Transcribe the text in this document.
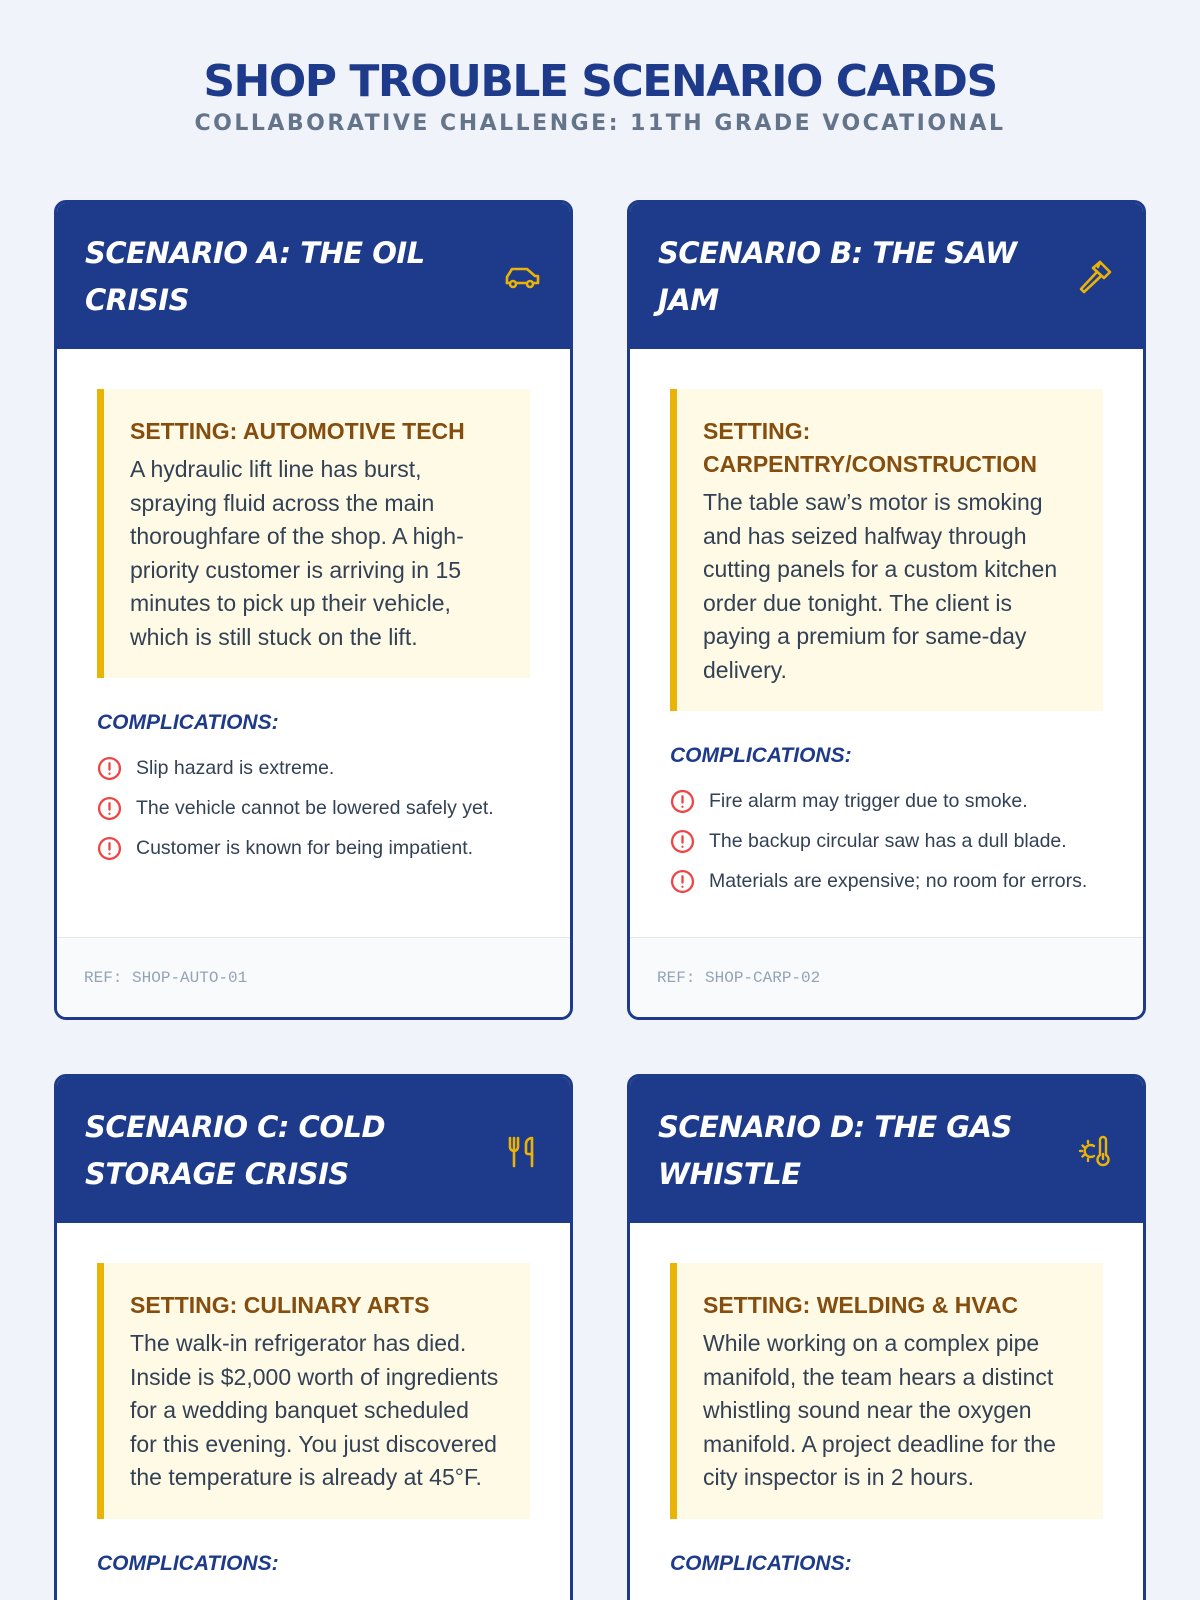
SHOP TROUBLE SCENARIO CARDS
COLLABORATIVE CHALLENGE: 11TH GRADE VOCATIONAL
SCENARIO A: THE OIL CRISIS
SETTING: AUTOMOTIVE TECH

A hydraulic lift line has burst, spraying fluid across the main thoroughfare of the shop. A high-priority customer is arriving in 15 minutes to pick up their vehicle, which is still stuck on the lift.

COMPLICATIONS:
Slip hazard is extreme.
The vehicle cannot be lowered safely yet.
Customer is known for being impatient.
REF: SHOP-AUTO-01
SCENARIO B: THE SAW JAM
SETTING: CARPENTRY/CONSTRUCTION

The table saw’s motor is smoking and has seized halfway through cutting panels for a custom kitchen order due tonight. The client is paying a premium for same-day delivery.

COMPLICATIONS:
Fire alarm may trigger due to smoke.
The backup circular saw has a dull blade.
Materials are expensive; no room for errors.
REF: SHOP-CARP-02
SCENARIO C: COLD STORAGE CRISIS
SETTING: CULINARY ARTS

The walk-in refrigerator has died. Inside is $2,000 worth of ingredients for a wedding banquet scheduled for this evening. You just discovered the temperature is already at 45°F.

COMPLICATIONS:
SCENARIO D: THE GAS WHISTLE
SETTING: WELDING & HVAC

While working on a complex pipe manifold, the team hears a distinct whistling sound near the oxygen manifold. A project deadline for the city inspector is in 2 hours.

COMPLICATIONS:
